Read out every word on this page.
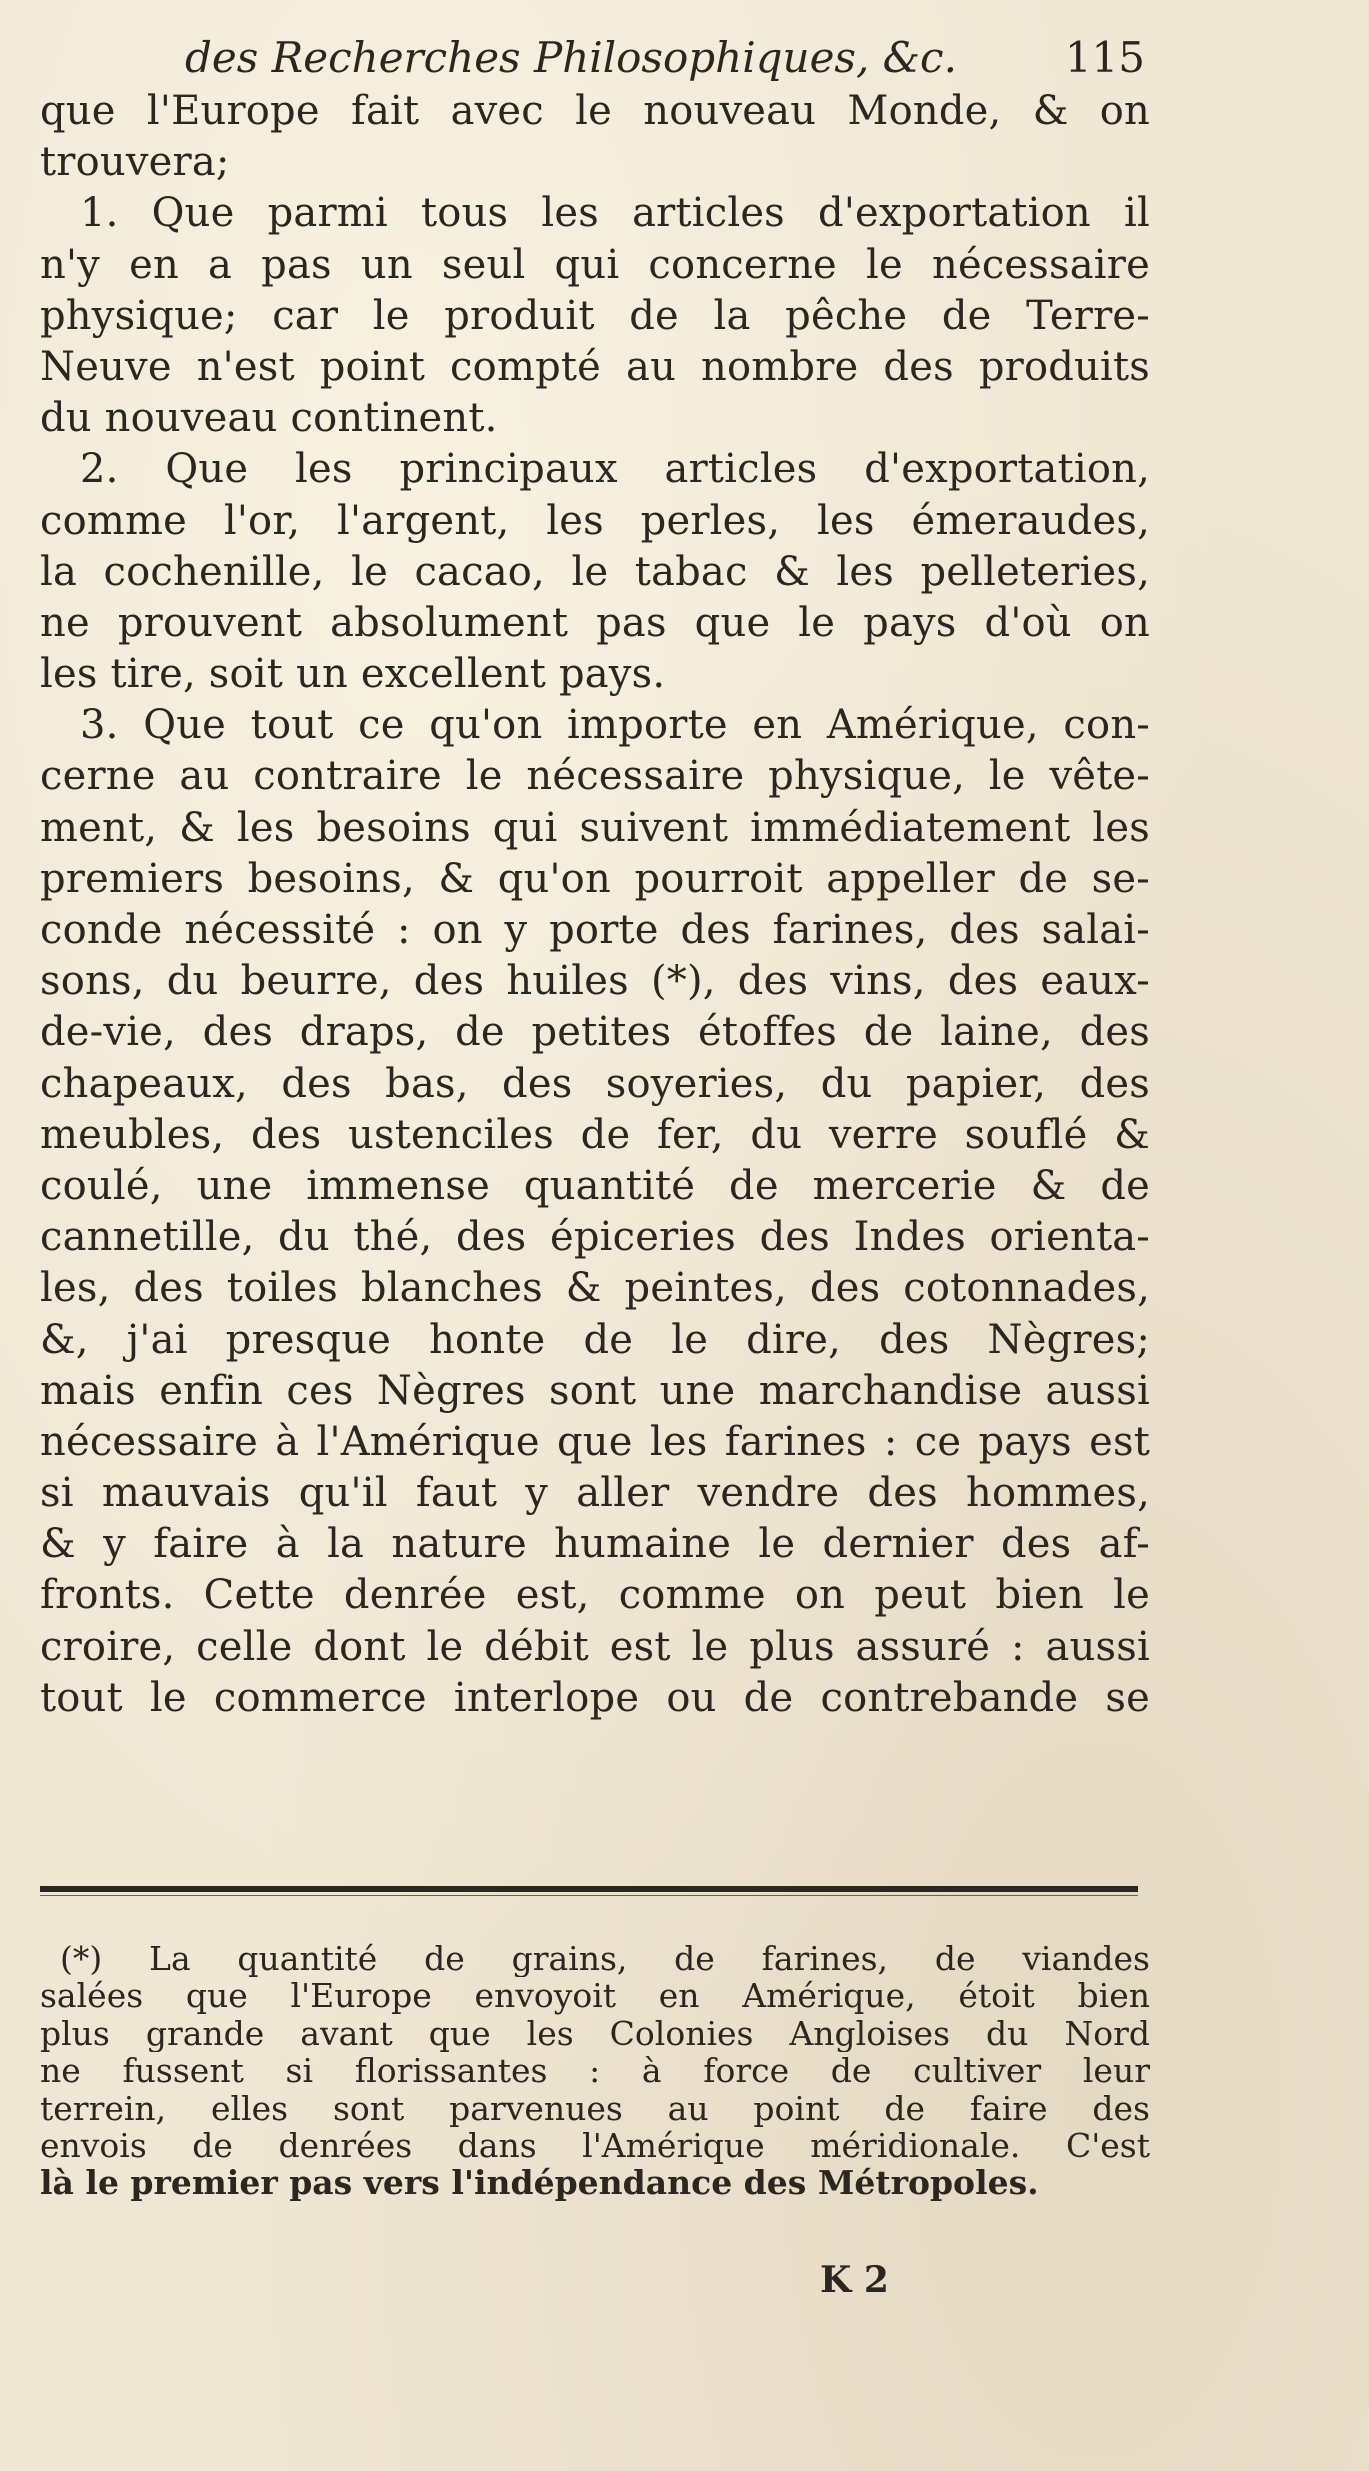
des Recherches Philosophiques, &c.	115
que l'Europe fait avec le nouveau Monde, & on
trouvera;
1. Que parmi tous les articles d'exportation il
n'y en a pas un seul qui concerne le nécessaire
physique; car le produit de la pêche de Terre-
Neuve n'est point compté au nombre des produits
du nouveau continent.
2. Que les principaux articles d'exportation,
comme l'or, l'argent, les perles, les émeraudes,
la cochenille, le cacao, le tabac & les pelleteries,
ne prouvent absolument pas que le pays d'où on
les tire, soit un excellent pays.
3. Que tout ce qu'on importe en Amérique, con-
cerne au contraire le nécessaire physique, le vête-
ment, & les besoins qui suivent immédiatement les
premiers besoins, & qu'on pourroit appeller de se-
conde nécessité : on y porte des farines, des salai-
sons, du beurre, des huiles (*), des vins, des eaux-
de-vie, des draps, de petites étoffes de laine, des
chapeaux, des bas, des soyeries, du papier, des
meubles, des ustenciles de fer, du verre souflé &
coulé, une immense quantité de mercerie & de
cannetille, du thé, des épiceries des Indes orienta-
les, des toiles blanches & peintes, des cotonnades,
&, j'ai presque honte de le dire, des Nègres;
mais enfin ces Nègres sont une marchandise aussi
nécessaire à l'Amérique que les farines : ce pays est
si mauvais qu'il faut y aller vendre des hommes,
& y faire à la nature humaine le dernier des af-
fronts. Cette denrée est, comme on peut bien le
croire, celle dont le débit est le plus assuré : aussi
tout le commerce interlope ou de contrebande se
(*) La quantité de grains, de farines, de viandes
salées que l'Europe envoyoit en Amérique, étoit bien
plus grande avant que les Colonies Angloises du Nord
ne fussent si florissantes : à force de cultiver leur
terrein, elles sont parvenues au point de faire des
envois de denrées dans l'Amérique méridionale. C'est
là le premier pas vers l'indépendance des Métropoles.
K 2
